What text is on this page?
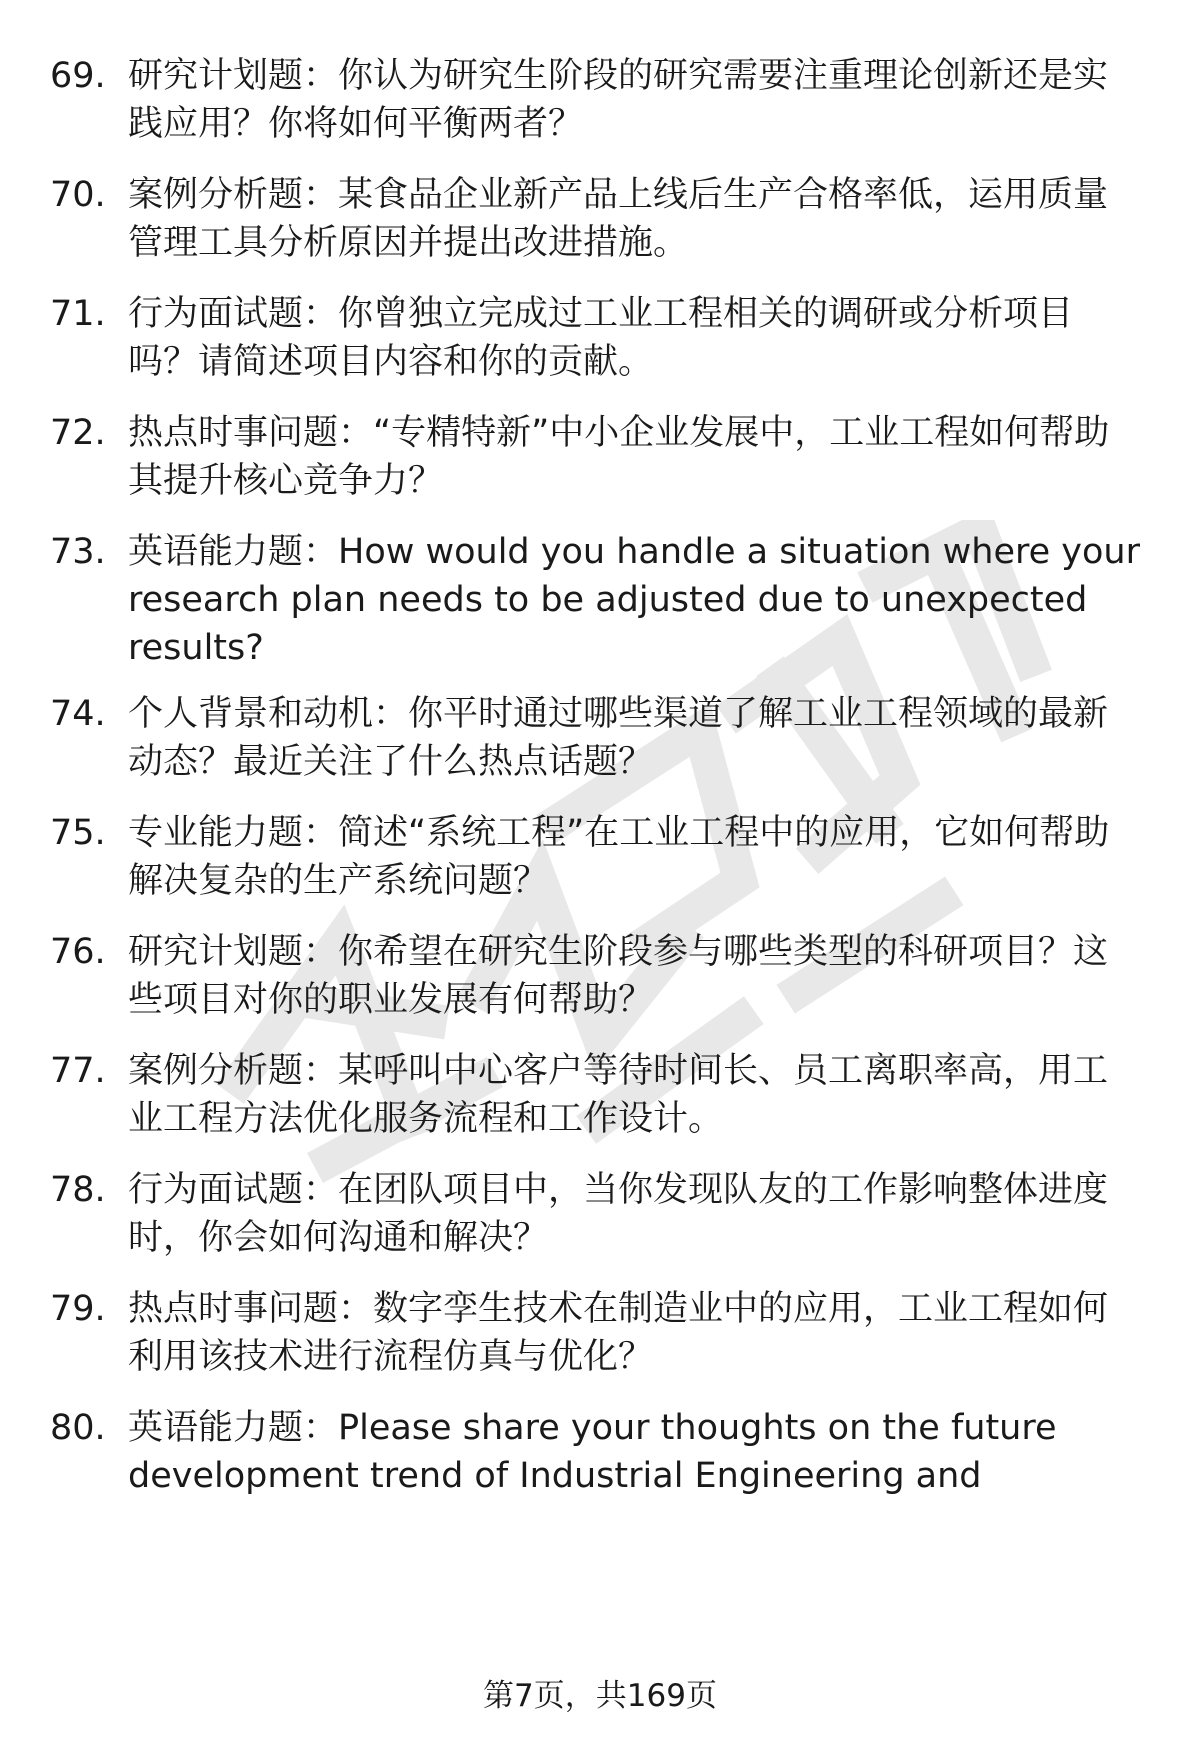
69. 研究计划题：你认为研究生阶段的研究需要注重理论创新还是实践应用？你将如何平衡两者？
70. 案例分析题：某食品企业新产品上线后生产合格率低，运用质量管理工具分析原因并提出改进措施。
71. 行为面试题：你曾独立完成过工业工程相关的调研或分析项目吗？请简述项目内容和你的贡献。
72. 热点时事问题：“专精特新”中小企业发展中，工业工程如何帮助其提升核心竞争力？
73. 英语能力题：How would you handle a situation where your research plan needs to be adjusted due to unexpected results?
74. 个人背景和动机：你平时通过哪些渠道了解工业工程领域的最新动态？最近关注了什么热点话题？
75. 专业能力题：简述“系统工程”在工业工程中的应用，它如何帮助解决复杂的生产系统问题？
76. 研究计划题：你希望在研究生阶段参与哪些类型的科研项目？这些项目对你的职业发展有何帮助？
77. 案例分析题：某呼叫中心客户等待时间长、员工离职率高，用工业工程方法优化服务流程和工作设计。
78. 行为面试题：在团队项目中，当你发现队友的工作影响整体进度时，你会如何沟通和解决？
79. 热点时事问题：数字孪生技术在制造业中的应用，工业工程如何利用该技术进行流程仿真与优化？
80. 英语能力题：Please share your thoughts on the future development trend of Industrial Engineering and
第7页，共169页
